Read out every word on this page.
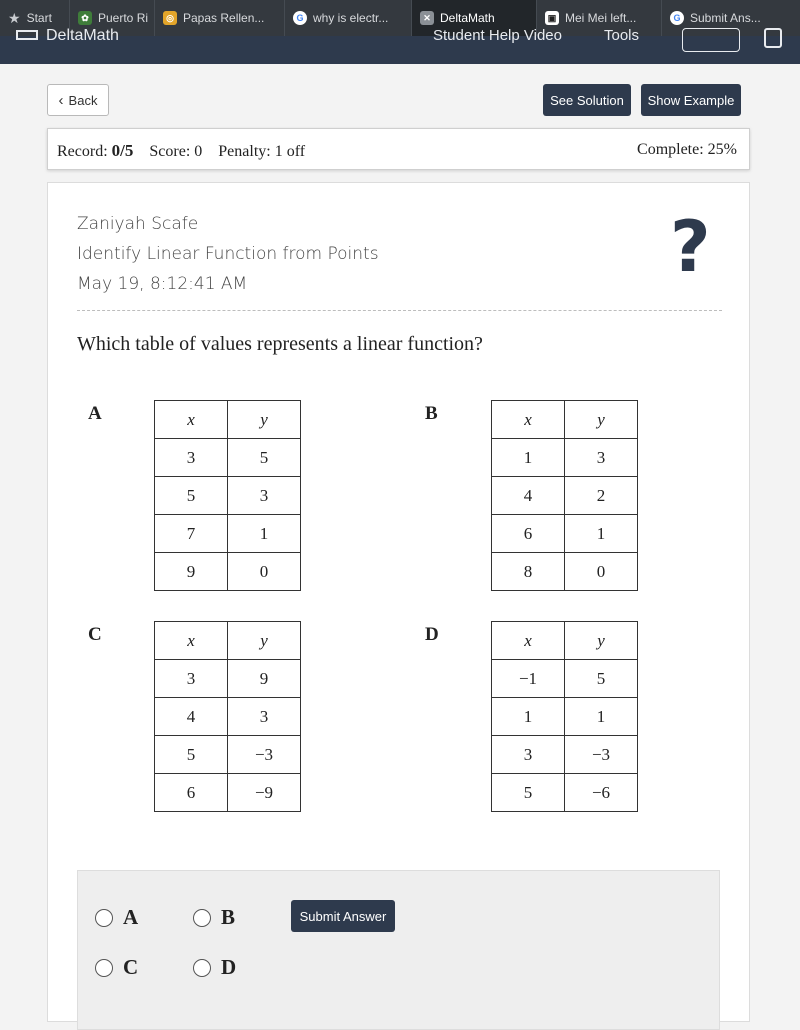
★ Start	✿ Puerto Ri	◎ Papas Rellen...	G why is electr...	✕ DeltaMath	▣ Mei Mei left...	G Submit Ans...
DeltaMath	Student Help Video	Tools
‹ Back	See Solution	Show Example
Record: 0/5 Score: 0 Penalty: 1 off	Complete: 25%
Zaniyah Scafe
Identify Linear Function from Points
May 19, 8:12:41 AM	?
Which table of values represents a linear function?
A	x	y
3	5
5	3
7	1
9	0
B	x	y
1	3
4	2
6	1
8	0
C	x	y
3	9
4	3
5	−3
6	−9
D	x	y
−1	5
1	1
3	−3
5	−6
A	B
C	D
Submit Answer
